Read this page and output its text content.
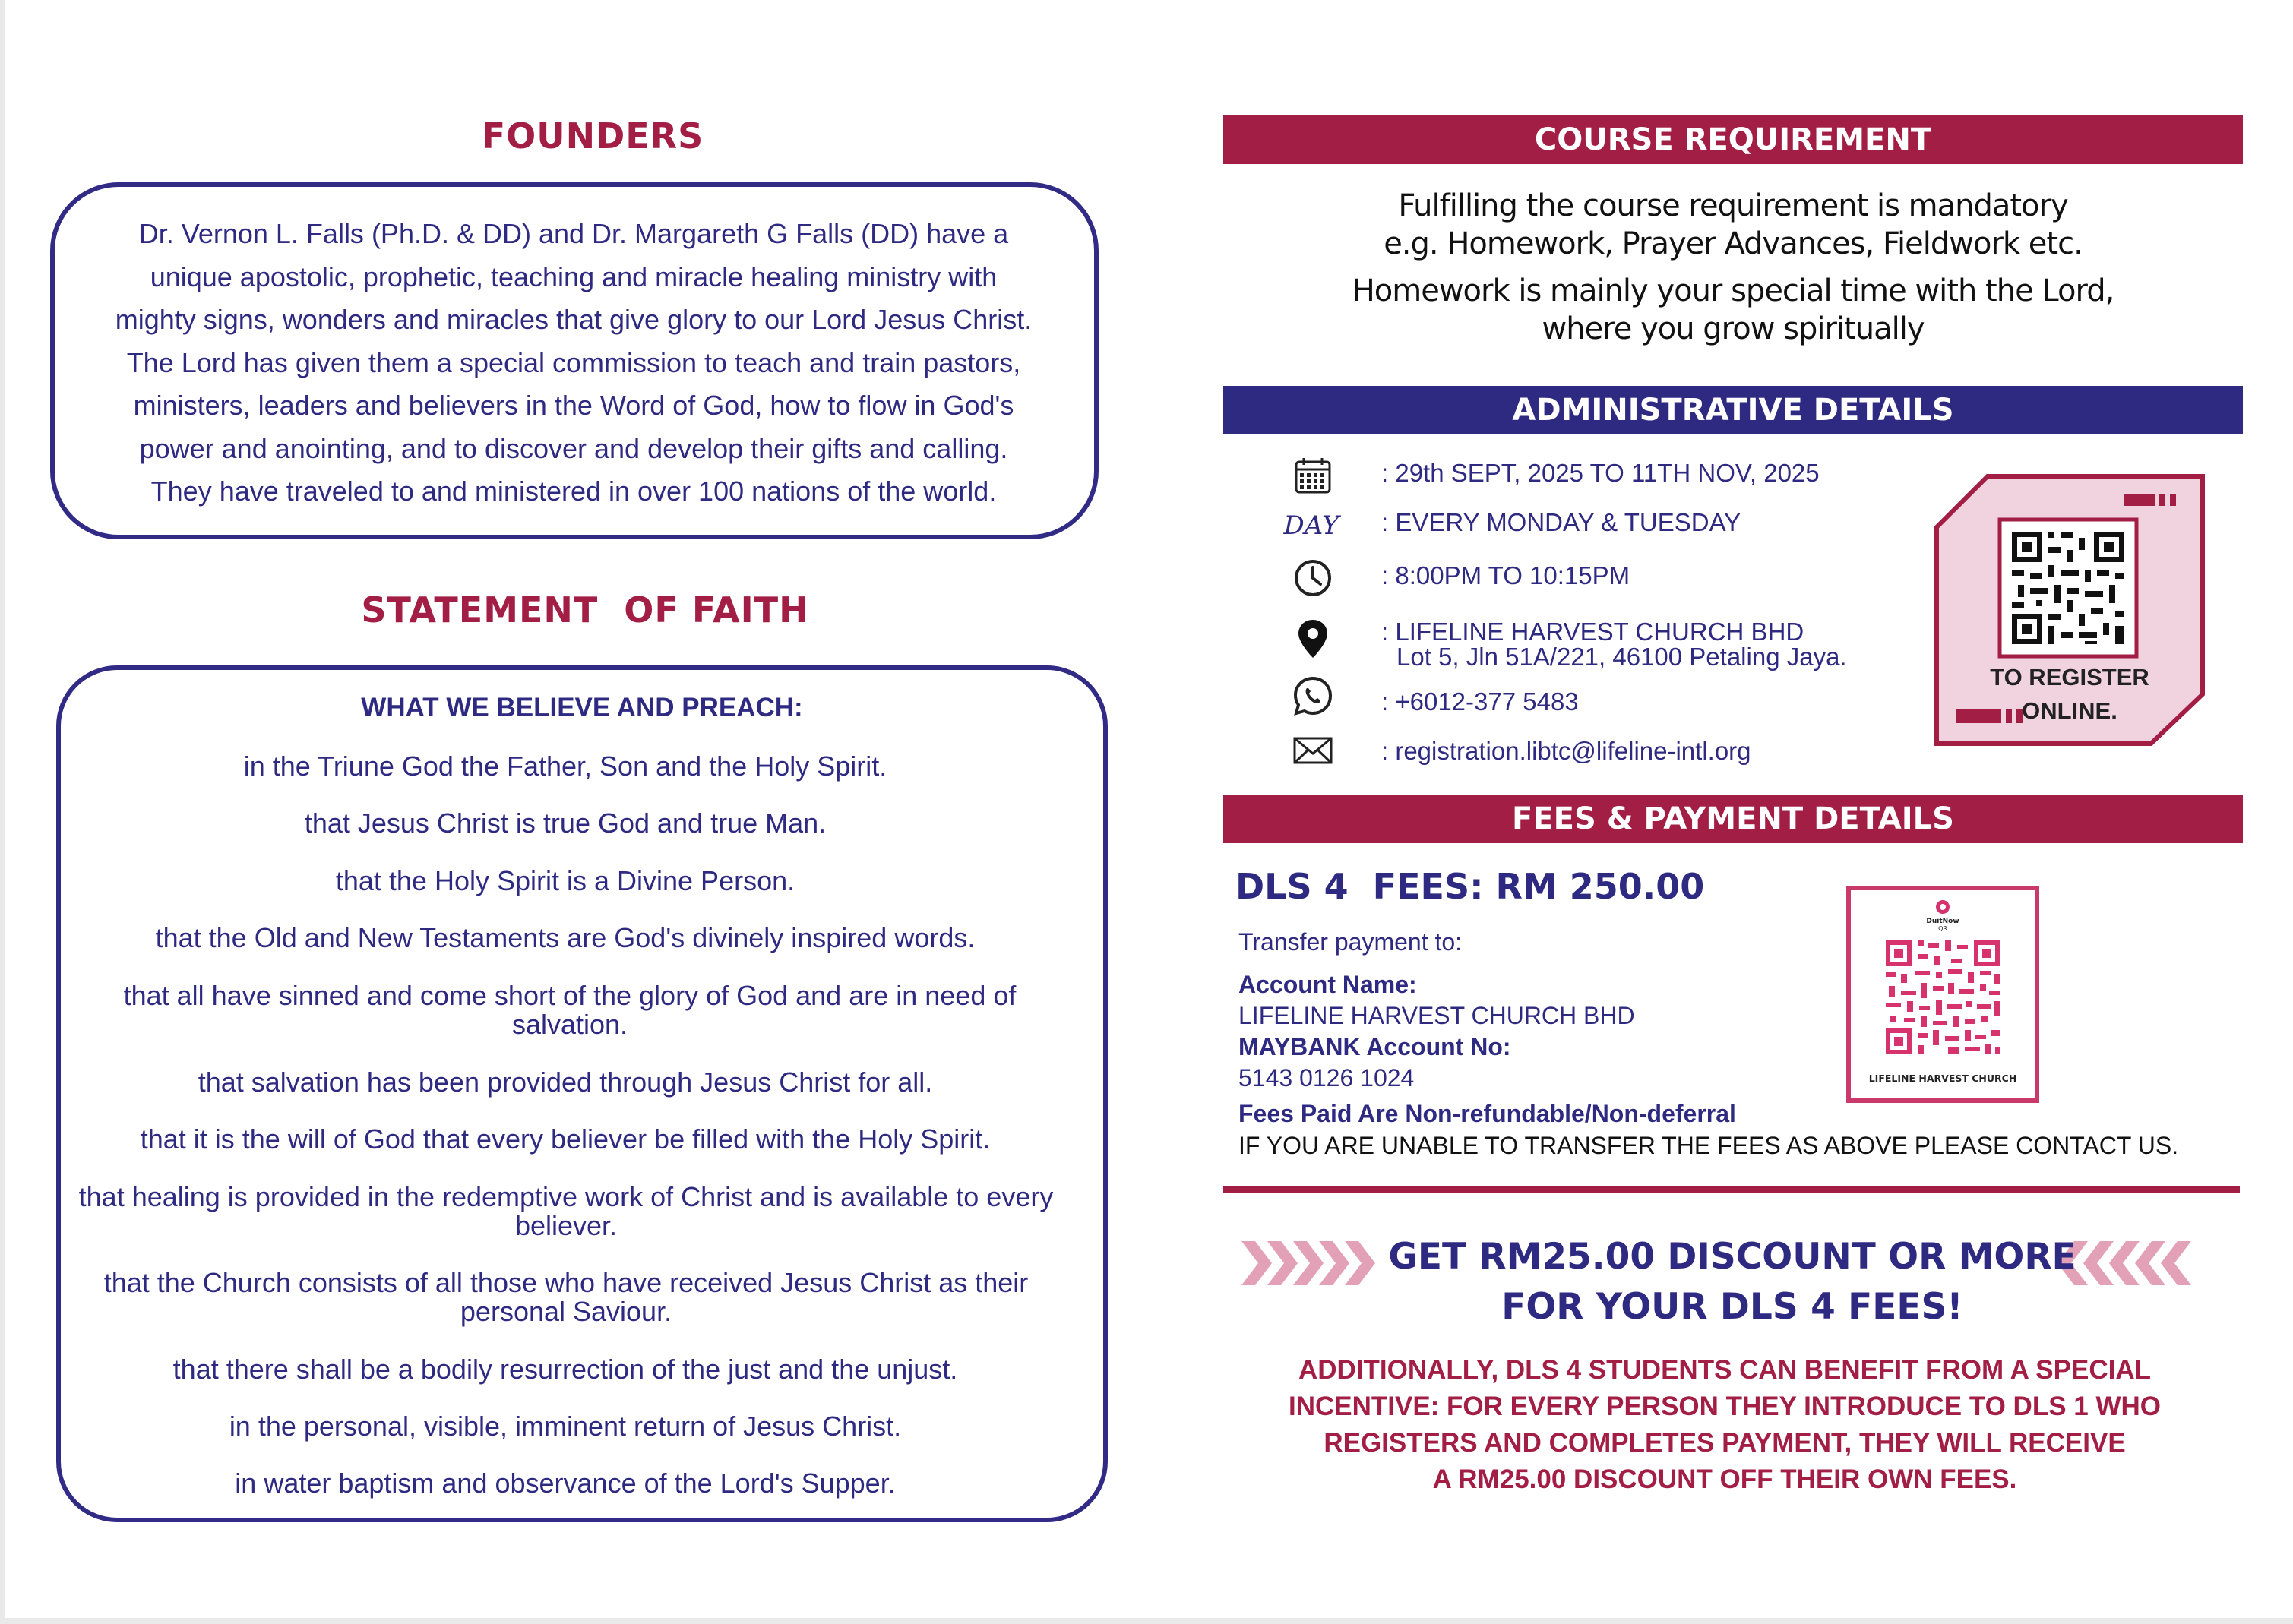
FOUNDERS
Dr. Vernon L. Falls (Ph.D. & DD) and Dr. Margareth G Falls (DD) have a
unique apostolic, prophetic, teaching and miracle healing ministry with
mighty signs, wonders and miracles that give glory to our Lord Jesus Christ.
The Lord has given them a special commission to teach and train pastors,
ministers, leaders and believers in the Word of God, how to flow in God's
power and anointing, and to discover and develop their gifts and calling.
They have traveled to and ministered in over 100 nations of the world.
STATEMENT  OF FAITH
WHAT WE BELIEVE AND PREACH:
in the Triune God the Father, Son and the Holy Spirit.
that Jesus Christ is true God and true Man.
that the Holy Spirit is a Divine Person.
that the Old and New Testaments are God's divinely inspired words.
that all have sinned and come short of the glory of God and are in need of salvation.
that salvation has been provided through Jesus Christ for all.
that it is the will of God that every believer be filled with the Holy Spirit.
that healing is provided in the redemptive work of Christ and is available to every believer.
that the Church consists of all those who have received Jesus Christ as their personal Saviour.
that there shall be a bodily resurrection of the just and the unjust.
in the personal, visible, imminent return of Jesus Christ.
in water baptism and observance of the Lord's Supper.
COURSE REQUIREMENT
Fulfilling the course requirement is mandatory
e.g. Homework, Prayer Advances, Fieldwork etc.
Homework is mainly your special time with the Lord,
where you grow spiritually
ADMINISTRATIVE DETAILS
DAY
: 29th SEPT, 2025 TO 11TH NOV, 2025
: EVERY MONDAY & TUESDAY
: 8:00PM TO 10:15PM
: LIFELINE HARVEST CHURCH BHD
Lot 5, Jln 51A/221, 46100 Petaling Jaya.
: +6012-377 5483
: registration.libtc@lifeline-intl.org
TO REGISTER
ONLINE.
FEES & PAYMENT DETAILS
DLS 4  FEES: RM 250.00
Transfer payment to:
Account Name:
LIFELINE HARVEST CHURCH BHD
MAYBANK Account No:
5143 0126 1024
Fees Paid Are Non-refundable/Non-deferral
IF YOU ARE UNABLE TO TRANSFER THE FEES AS ABOVE PLEASE CONTACT US.
DuitNow
QR
LIFELINE HARVEST CHURCH
GET RM25.00 DISCOUNT OR MORE
FOR YOUR DLS 4 FEES!
ADDITIONALLY, DLS 4 STUDENTS CAN BENEFIT FROM A SPECIAL
INCENTIVE: FOR EVERY PERSON THEY INTRODUCE TO DLS 1 WHO
REGISTERS AND COMPLETES PAYMENT, THEY WILL RECEIVE
A RM25.00 DISCOUNT OFF THEIR OWN FEES.
